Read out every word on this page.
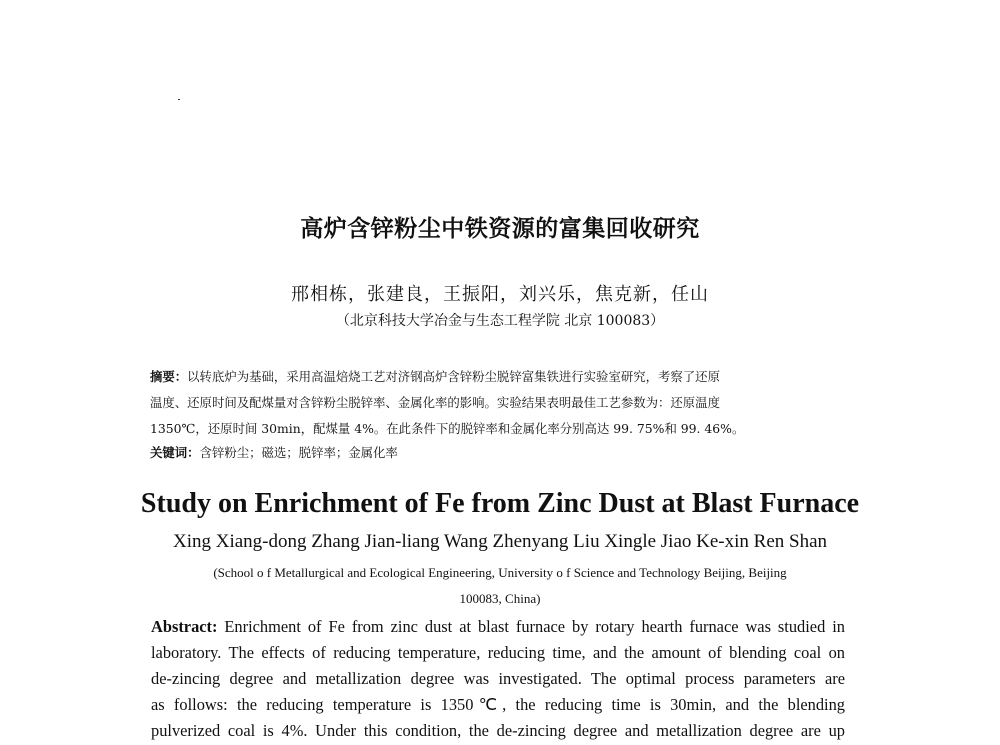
高炉含锌粉尘中铁资源的富集回收研究
邢相栋，张建良，王振阳，刘兴乐，焦克新，任山
（北京科技大学冶金与生态工程学院 北京 100083）
摘要：以转底炉为基础，采用高温焙烧工艺对济钢高炉含锌粉尘脱锌富集铁进行实验室研究，考察了还原
温度、还原时间及配煤量对含锌粉尘脱锌率、金属化率的影响。实验结果表明最佳工艺参数为：还原温度
1350℃，还原时间 30min，配煤量 4%。在此条件下的脱锌率和金属化率分别高达 99. 75%和 99. 46%。
关键词：含锌粉尘；磁选；脱锌率；金属化率
Study on Enrichment of Fe from Zinc Dust at Blast Furnace
Xing Xiang-dong Zhang Jian-liang Wang Zhenyang Liu Xingle Jiao Ke-xin Ren Shan
(School o f Metallurgical and Ecological Engineering, University o f Science and Technology Beijing, Beijing
100083, China)
Abstract: Enrichment of Fe from zinc dust at blast furnace by rotary hearth furnace was studied in
laboratory. The effects of reducing temperature, reducing time, and the amount of blending coal on
de-zincing degree and metallization degree was investigated. The optimal process parameters are
as follows: the reducing temperature is 1350℃, the reducing time is 30min, and the blending
pulverized coal is 4%. Under this condition, the de-zincing degree and metallization degree are up
